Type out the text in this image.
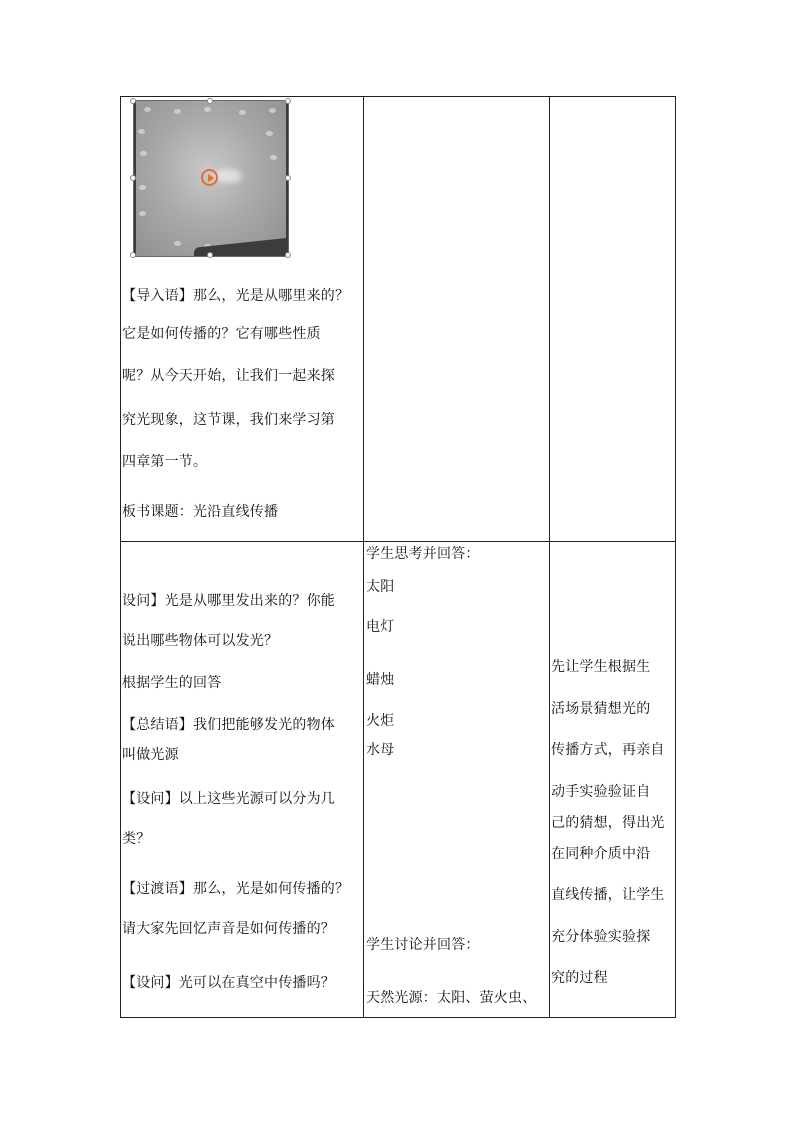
【导入语】那么，光是从哪里来的？
它是如何传播的？它有哪些性质
呢？从今天开始，让我们一起来探
究光现象，这节课，我们来学习第
四章第一节。
板书课题：光沿直线传播
设问】光是从哪里发出来的？你能
说出哪些物体可以发光？
根据学生的回答
【总结语】我们把能够发光的物体
叫做光源
【设问】以上这些光源可以分为几
类？
【过渡语】那么，光是如何传播的？
请大家先回忆声音是如何传播的？
【设问】光可以在真空中传播吗？
学生思考并回答：
太阳
电灯
蜡烛
火炬
水母
学生讨论并回答：
天然光源：太阳、萤火虫、
先让学生根据生
活场景猜想光的
传播方式，再亲自
动手实验验证自
己的猜想，得出光
在同种介质中沿
直线传播，让学生
充分体验实验探
究的过程
